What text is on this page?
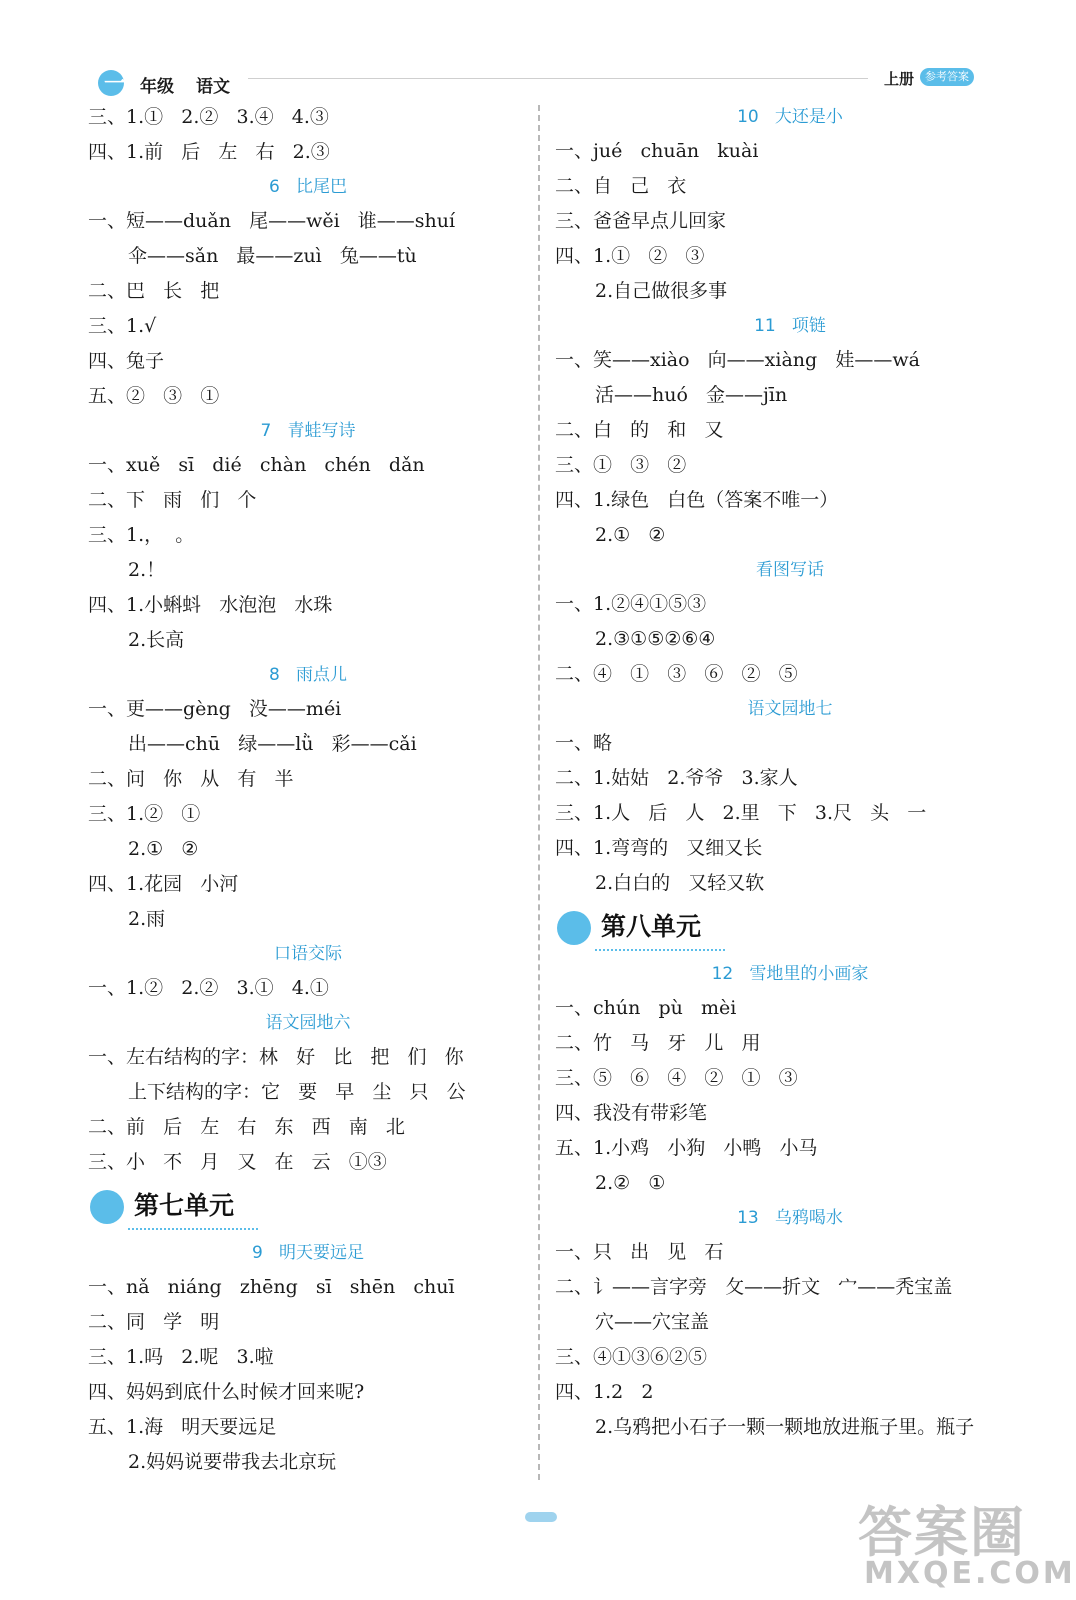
一 年级 语文	上册 参考答案
三、1.①   2.②   3.④   4.③
四、1.前   后   左   右   2.③
6   比尾巴
一、短——duǎn   尾——wěi   谁——shuí
伞——sǎn   最——zuì   兔——tù
二、巴   长   把
三、1.√
四、兔子
五、②   ③   ①
7   青蛙写诗
一、xuě   sī   dié   chàn   chén   dǎn
二、下   雨   们   个
三、1.，  。
2.！
四、1.小蝌蚪   水泡泡   水珠
2.长高
8   雨点儿
一、更——gèng   没——méi
出——chū   绿——lǜ   彩——cǎi
二、问   你   从   有   半
三、1.②   ①
2.①   ②
四、1.花园   小河
2.雨
口语交际
一、1.②   2.②   3.①   4.①
语文园地六
一、左右结构的字：林   好   比   把   们   你
上下结构的字：它   要   早   尘   只   公
二、前   后   左   右   东   西   南   北
三、小   不   月   又   在   云   ①③
第七单元
9   明天要远足
一、nǎ   niáng   zhēng   sī   shēn   chuī
二、同   学   明
三、1.吗   2.呢   3.啦
四、妈妈到底什么时候才回来呢?
五、1.海   明天要远足
2.妈妈说要带我去北京玩
10   大还是小
一、jué   chuān   kuài
二、自   己   衣
三、爸爸早点儿回家
四、1.①   ②   ③
2.自己做很多事
11   项链
一、笑——xiào   向——xiàng   娃——wá
活——huó   金——jīn
二、白   的   和   又
三、①   ③   ②
四、1.绿色   白色（答案不唯一）
2.①   ②
看图写话
一、1.②④①⑤③
2.③①⑤②⑥④
二、④   ①   ③   ⑥   ②   ⑤
语文园地七
一、略
二、1.姑姑   2.爷爷   3.家人
三、1.人   后   人   2.里   下   3.尺   头   一
四、1.弯弯的   又细又长
2.白白的   又轻又软
第八单元
12   雪地里的小画家
一、chún   pù   mèi
二、竹   马   牙   儿   用
三、⑤   ⑥   ④   ②   ①   ③
四、我没有带彩笔
五、1.小鸡   小狗   小鸭   小马
2.②   ①
13   乌鸦喝水
一、只   出   见   石
二、讠——言字旁   攵——折文   宀——秃宝盖
穴——穴宝盖
三、④①③⑥②⑤
四、1.2   2
2.乌鸦把小石子一颗一颗地放进瓶子里。瓶子
答案圈
MXQE.COM
